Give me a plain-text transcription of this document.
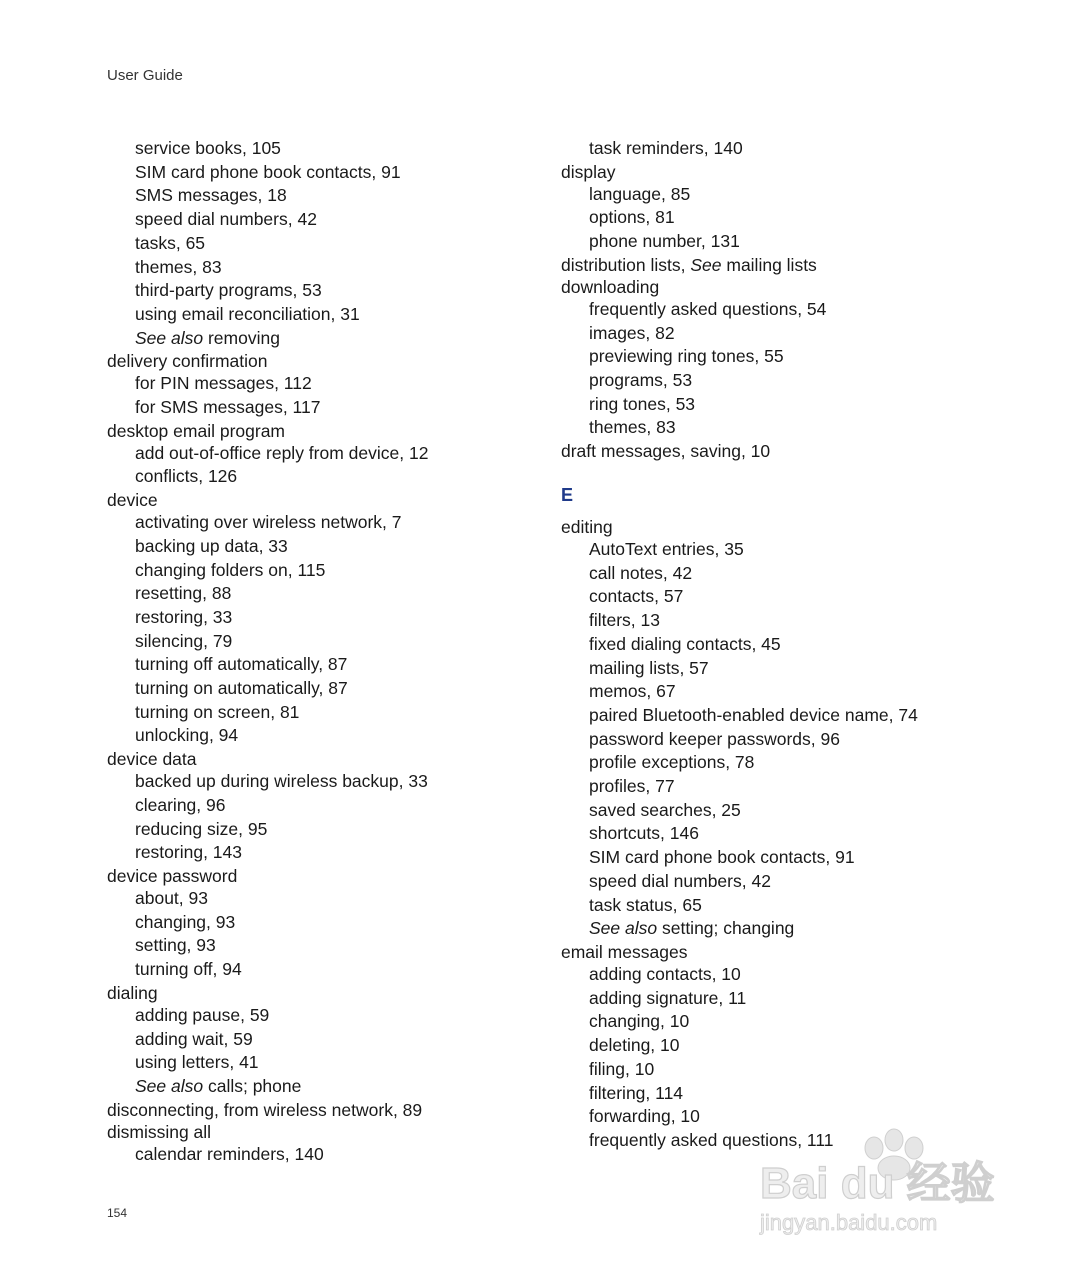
User Guide
service books, 105
SIM card phone book contacts, 91
SMS messages, 18
speed dial numbers, 42
tasks, 65
themes, 83
third-party programs, 53
using email reconciliation, 31
See also removing
delivery confirmation
for PIN messages, 112
for SMS messages, 117
desktop email program
add out-of-office reply from device, 12
conflicts, 126
device
activating over wireless network, 7
backing up data, 33
changing folders on, 115
resetting, 88
restoring, 33
silencing, 79
turning off automatically, 87
turning on automatically, 87
turning on screen, 81
unlocking, 94
device data
backed up during wireless backup, 33
clearing, 96
reducing size, 95
restoring, 143
device password
about, 93
changing, 93
setting, 93
turning off, 94
dialing
adding pause, 59
adding wait, 59
using letters, 41
See also calls; phone
disconnecting, from wireless network, 89
dismissing all
calendar reminders, 140
task reminders, 140
display
language, 85
options, 81
phone number, 131
distribution lists, See mailing lists
downloading
frequently asked questions, 54
images, 82
previewing ring tones, 55
programs, 53
ring tones, 53
themes, 83
draft messages, saving, 10
E
editing
AutoText entries, 35
call notes, 42
contacts, 57
filters, 13
fixed dialing contacts, 45
mailing lists, 57
memos, 67
paired Bluetooth-enabled device name, 74
password keeper passwords, 96
profile exceptions, 78
profiles, 77
saved searches, 25
shortcuts, 146
SIM card phone book contacts, 91
speed dial numbers, 42
task status, 65
See also setting; changing
email messages
adding contacts, 10
adding signature, 11
changing, 10
deleting, 10
filing, 10
filtering, 114
forwarding, 10
frequently asked questions, 111
154
Bai du 经验
jingyan.baidu.com
